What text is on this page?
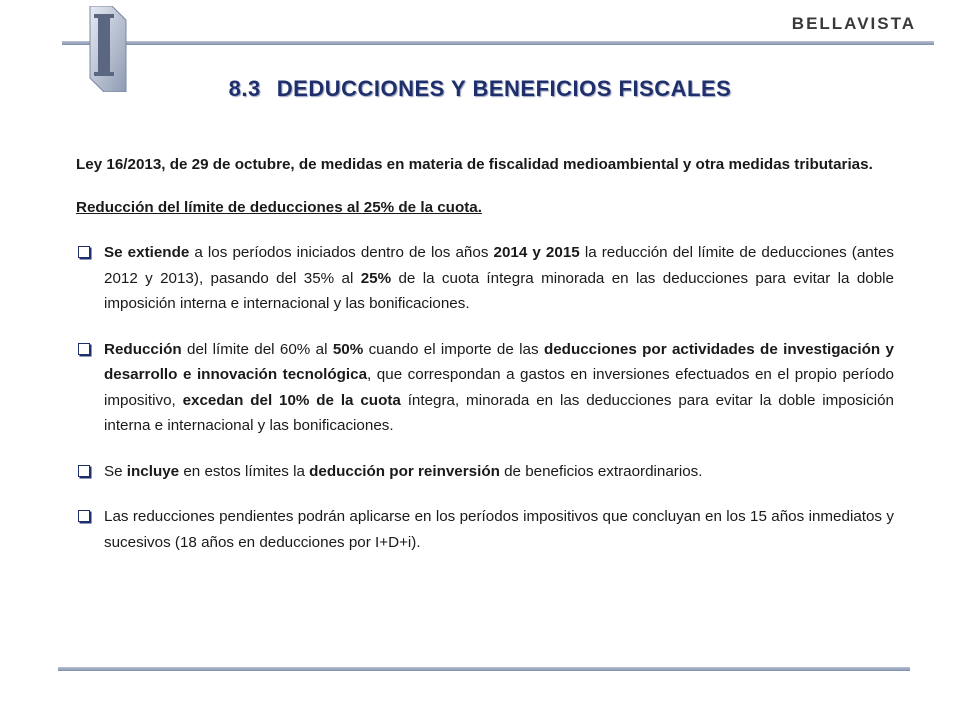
BELLAVISTA
8.3 DEDUCCIONES Y BENEFICIOS FISCALES

Ley 16/2013, de 29 de octubre, de medidas en materia de fiscalidad medioambiental y otra medidas tributarias.

Reducción del límite de deducciones al 25% de la cuota.

Se extiende a los períodos iniciados dentro de los años 2014 y 2015 la reducción del límite de deducciones (antes 2012 y 2013), pasando del 35% al 25% de la cuota íntegra minorada en las deducciones para evitar la doble imposición interna e internacional y las bonificaciones.

Reducción del límite del 60% al 50% cuando el importe de las deducciones por actividades de investigación y desarrollo e innovación tecnológica, que correspondan a gastos en inversiones efectuados en el propio período impositivo, excedan del 10% de la cuota íntegra, minorada en las deducciones para evitar la doble imposición interna e internacional y las bonificaciones.

Se incluye en estos límites la deducción por reinversión de beneficios extraordinarios.

Las reducciones pendientes podrán aplicarse en los períodos impositivos que concluyan en los 15 años inmediatos y sucesivos (18 años en deducciones por I+D+i).
